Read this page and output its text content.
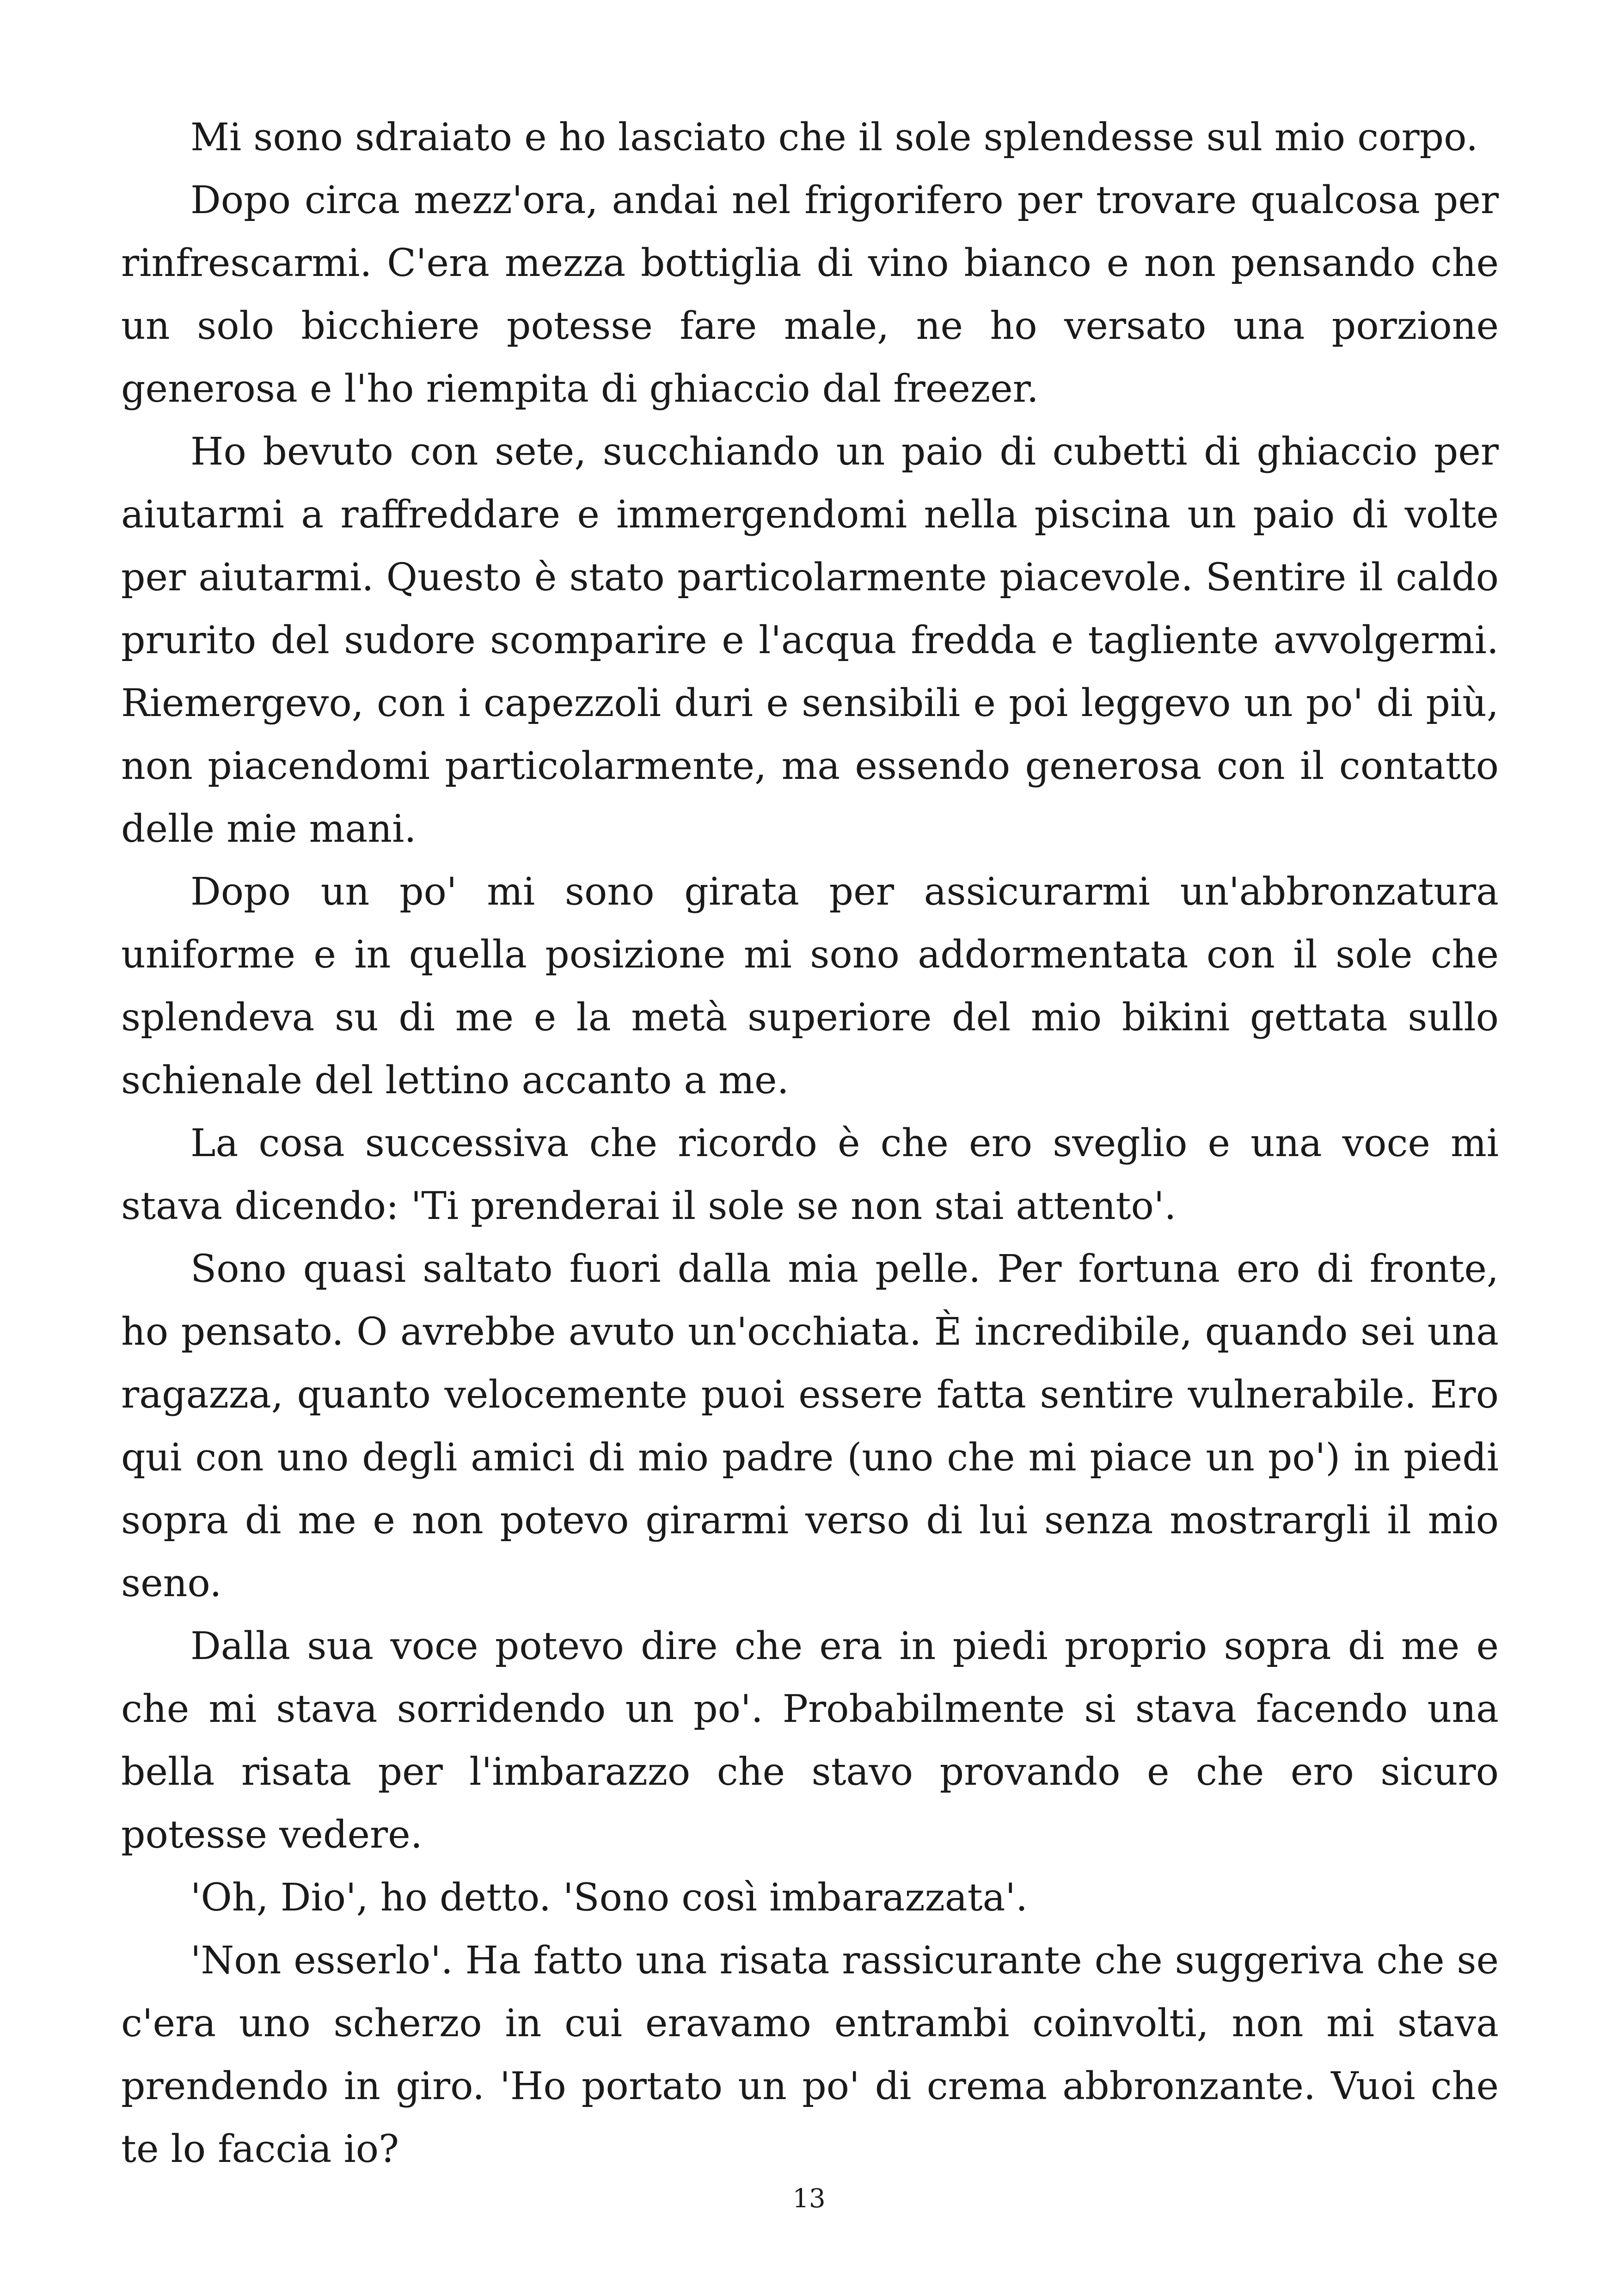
Mi sono sdraiato e ho lasciato che il sole splendesse sul mio corpo.

Dopo circa mezz'ora, andai nel frigorifero per trovare qualcosa per rinfrescarmi. C'era mezza bottiglia di vino bianco e non pensando che un solo bicchiere potesse fare male, ne ho versato una porzione generosa e l'ho riempita di ghiaccio dal freezer.

Ho bevuto con sete, succhiando un paio di cubetti di ghiaccio per aiutarmi a raffreddare e immergendomi nella piscina un paio di volte per aiutarmi. Questo è stato particolarmente piacevole. Sentire il caldo prurito del sudore scomparire e l'acqua fredda e tagliente avvolgermi. Riemergevo, con i capezzoli duri e sensibili e poi leggevo un po' di più, non piacendomi particolarmente, ma essendo generosa con il contatto delle mie mani.

Dopo un po' mi sono girata per assicurarmi un'abbronzatura uniforme e in quella posizione mi sono addormentata con il sole che splendeva su di me e la metà superiore del mio bikini gettata sullo schienale del lettino accanto a me.

La cosa successiva che ricordo è che ero sveglio e una voce mi stava dicendo: 'Ti prenderai il sole se non stai attento'.

Sono quasi saltato fuori dalla mia pelle. Per fortuna ero di fronte, ho pensato. O avrebbe avuto un'occhiata. È incredibile, quando sei una ragazza, quanto velocemente puoi essere fatta sentire vulnerabile. Ero qui con uno degli amici di mio padre (uno che mi piace un po') in piedi sopra di me e non potevo girarmi verso di lui senza mostrargli il mio seno.

Dalla sua voce potevo dire che era in piedi proprio sopra di me e che mi stava sorridendo un po'. Probabilmente si stava facendo una bella risata per l'imbarazzo che stavo provando e che ero sicuro potesse vedere.

'Oh, Dio', ho detto. 'Sono così imbarazzata'.

'Non esserlo'. Ha fatto una risata rassicurante che suggeriva che se c'era uno scherzo in cui eravamo entrambi coinvolti, non mi stava prendendo in giro. 'Ho portato un po' di crema abbronzante. Vuoi che te lo faccia io?

13
